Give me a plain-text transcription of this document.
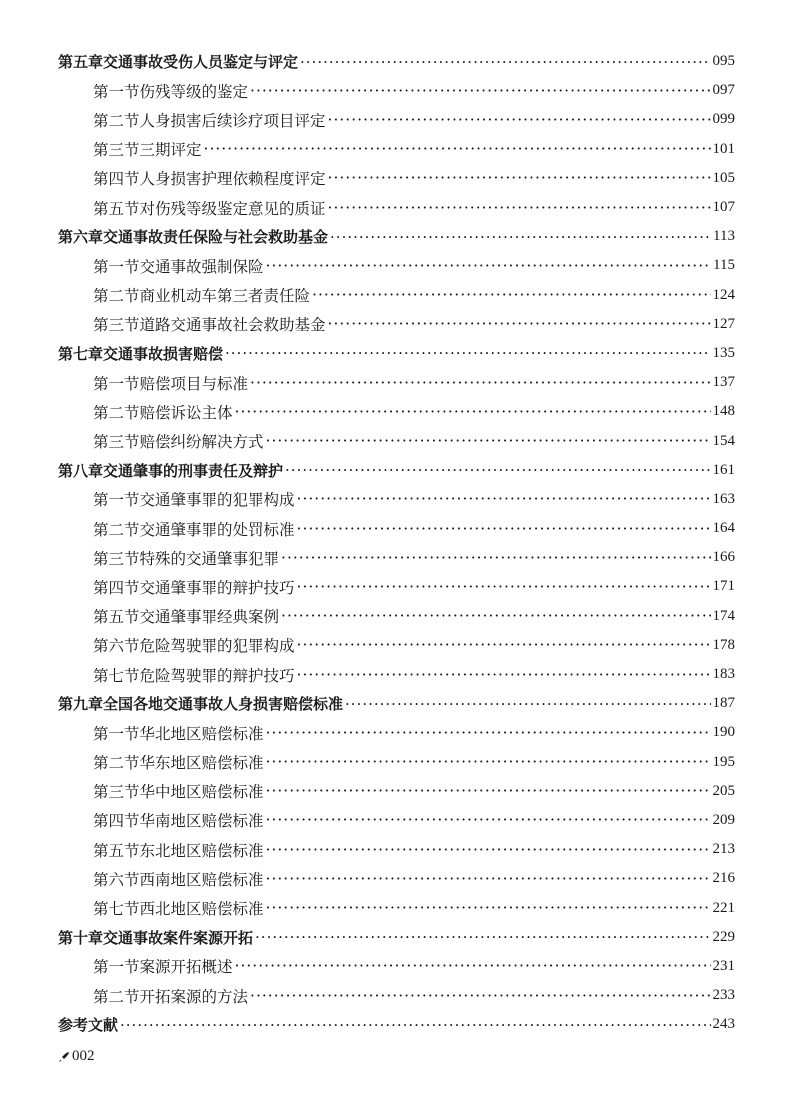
第五章 交通事故受伤人员鉴定与评定 ·····	095
第一节 伤残等级的鉴定 ·····	097
第二节 人身损害后续诊疗项目评定 ·····	099
第三节 三期评定 ·····	101
第四节 人身损害护理依赖程度评定 ·····	105
第五节 对伤残等级鉴定意见的质证 ·····	107
第六章 交通事故责任保险与社会救助基金 ·····	113
第一节 交通事故强制保险 ·····	115
第二节 商业机动车第三者责任险 ·····	124
第三节 道路交通事故社会救助基金 ·····	127
第七章 交通事故损害赔偿 ·····	135
第一节 赔偿项目与标准 ·····	137
第二节 赔偿诉讼主体 ·····	148
第三节 赔偿纠纷解决方式 ·····	154
第八章 交通肇事的刑事责任及辩护 ·····	161
第一节 交通肇事罪的犯罪构成 ·····	163
第二节 交通肇事罪的处罚标准 ·····	164
第三节 特殊的交通肇事犯罪 ·····	166
第四节 交通肇事罪的辩护技巧 ·····	171
第五节 交通肇事罪经典案例 ·····	174
第六节 危险驾驶罪的犯罪构成 ·····	178
第七节 危险驾驶罪的辩护技巧 ·····	183
第九章 全国各地交通事故人身损害赔偿标准 ·····	187
第一节 华北地区赔偿标准 ·····	190
第二节 华东地区赔偿标准 ·····	195
第三节 华中地区赔偿标准 ·····	205
第四节 华南地区赔偿标准 ·····	209
第五节 东北地区赔偿标准 ·····	213
第六节 西南地区赔偿标准 ·····	216
第七节 西北地区赔偿标准 ·····	221
第十章 交通事故案件案源开拓 ·····	229
第一节 案源开拓概述 ·····	231
第二节 开拓案源的方法 ·····	233
参考文献 ·····	243
002
